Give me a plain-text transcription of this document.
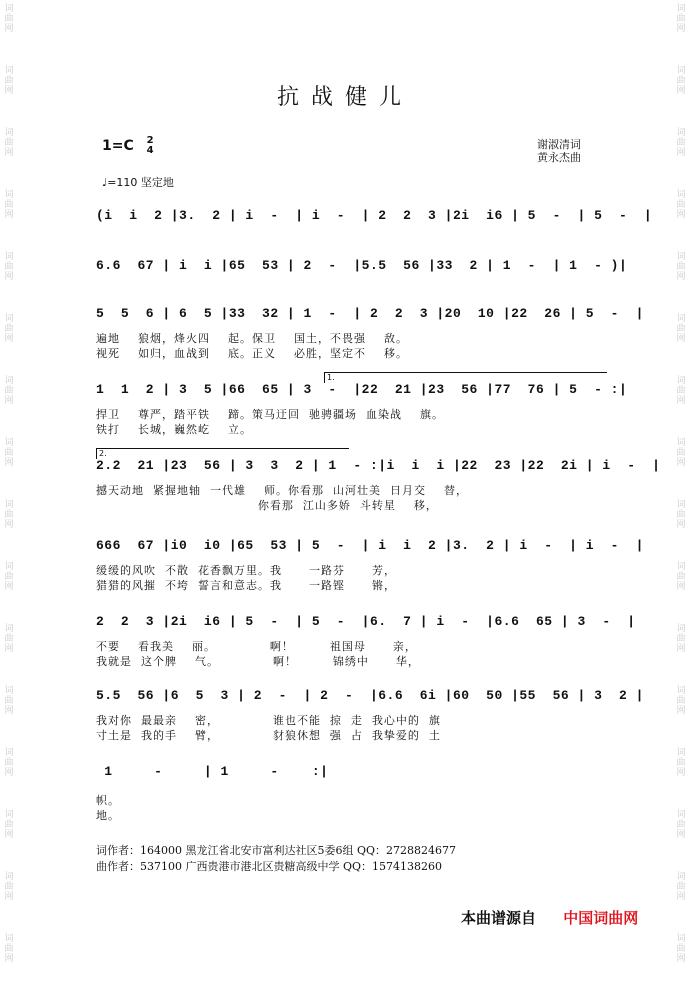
词
曲
网
词
曲
网
词
曲
网
词
曲
网
词
曲
网
词
曲
网
词
曲
网
词
曲
网
词
曲
网
词
曲
网
词
曲
网
词
曲
网
词
曲
网
词
曲
网
词
曲
网
词
曲
网
词
曲
网
词
曲
网
词
曲
网
词
曲
网
词
曲
网
词
曲
网
词
曲
网
词
曲
网
词
曲
网
词
曲
网
词
曲
网
词
曲
网
词
曲
网
词
曲
网
词
曲
网
词
曲
网
抗战健儿
1=C 2
4	谢淑清词
黄永杰曲
♩=110 坚定地
(i  i  2 |3.  2 | i  -  | i  -  | 2  2  3 |2i  i6 | 5  -  | 5  -  |
6.6  67 | i  i |65  53 | 2  -  |5.5  56 |33  2 | 1  -  | 1  - )|
5  5  6 | 6  5 |33  32 | 1  -  | 2  2  3 |20  10 |22  26 | 5  -  |
遍地    狼烟，烽火四    起。保卫    国土，不畏强    敌。
视死    如归，血战到    底。正义    必胜，坚定不    移。
1  1  2 | 3  5 |66  65 | 3  -  |22  21 |23  56 |77  76 | 5  - :|
捍卫    尊严，踏平铁    蹄。策马迂回  驰骋疆场  血染战    旗。
铁打    长城，巍然屹    立。
2.2  21 |23  56 | 3  3  2 | 1  - :|i  i  i |22  23 |22  2i | i  -  |
撼天动地  紧握地轴  一代雄    师。你看那  山河壮美  日月交    替，
你看那  江山多娇  斗转星    移，
666  67 |i0  i0 |65  53 | 5  -  | i  i  2 |3.  2 | i  -  | i  -  |
缓缓的风吹  不散  花香飘万里。我      一路芬      芳，
猎猎的风摧  不垮  誓言和意志。我      一路铿      锵，
2  2  3 |2i  i6 | 5  -  | 5  -  |6.  7 | i  -  |6.6  65 | 3  -  |
不要    看我美    丽。            啊！        祖国母      亲，
我就是  这个脾    气。            啊！        锦绣中      华，
5.5  56 |6  5  3 | 2  -  | 2  -  |6.6  6i |60  50 |55  56 | 3  2 |
我对你  最最亲    密，            谁也不能  掠  走  我心中的  旗
寸土是  我的手    臂，            豺狼休想  强  占  我挚爱的  土
1     -     | 1     -    :|
帜。
地。
词作者：164000 黑龙江省北安市富利达社区5委6组 QQ：2728824677
曲作者：537100 广西贵港市港北区贵糖高级中学 QQ：1574138260
本曲谱源自 中国词曲网
1.
2.
